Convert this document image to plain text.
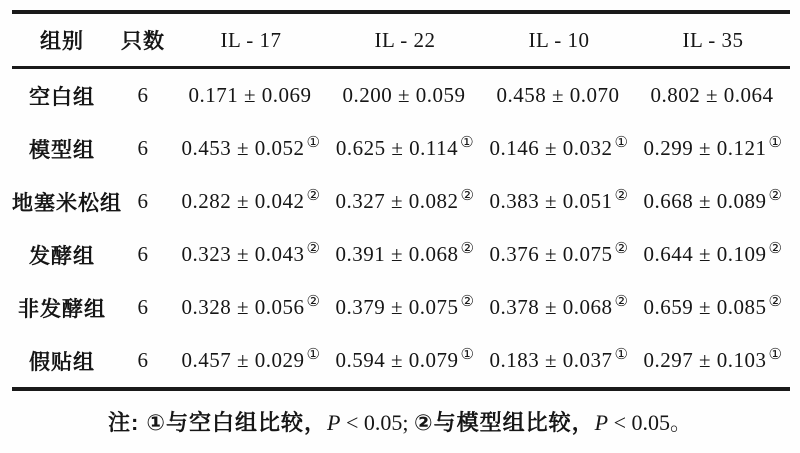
组别	只数	IL - 17	IL - 22	IL - 10	IL - 35
空白组	6	0.171 ± 0.069	0.200 ± 0.059	0.458 ± 0.070	0.802 ± 0.064
模型组	6	0.453 ± 0.052 ①	0.625 ± 0.114 ①	0.146 ± 0.032 ①	0.299 ± 0.121 ①
地塞米松组	6	0.282 ± 0.042 ②	0.327 ± 0.082 ②	0.383 ± 0.051 ②	0.668 ± 0.089 ②
发酵组	6	0.323 ± 0.043 ②	0.391 ± 0.068 ②	0.376 ± 0.075 ②	0.644 ± 0.109 ②
非发酵组	6	0.328 ± 0.056 ②	0.379 ± 0.075 ②	0.378 ± 0.068 ②	0.659 ± 0.085 ②
假贴组	6	0.457 ± 0.029 ①	0.594 ± 0.079 ①	0.183 ± 0.037 ①	0.297 ± 0.103 ①
注: ①与空白组比较，P < 0.05; ②与模型组比较，P < 0.05。
